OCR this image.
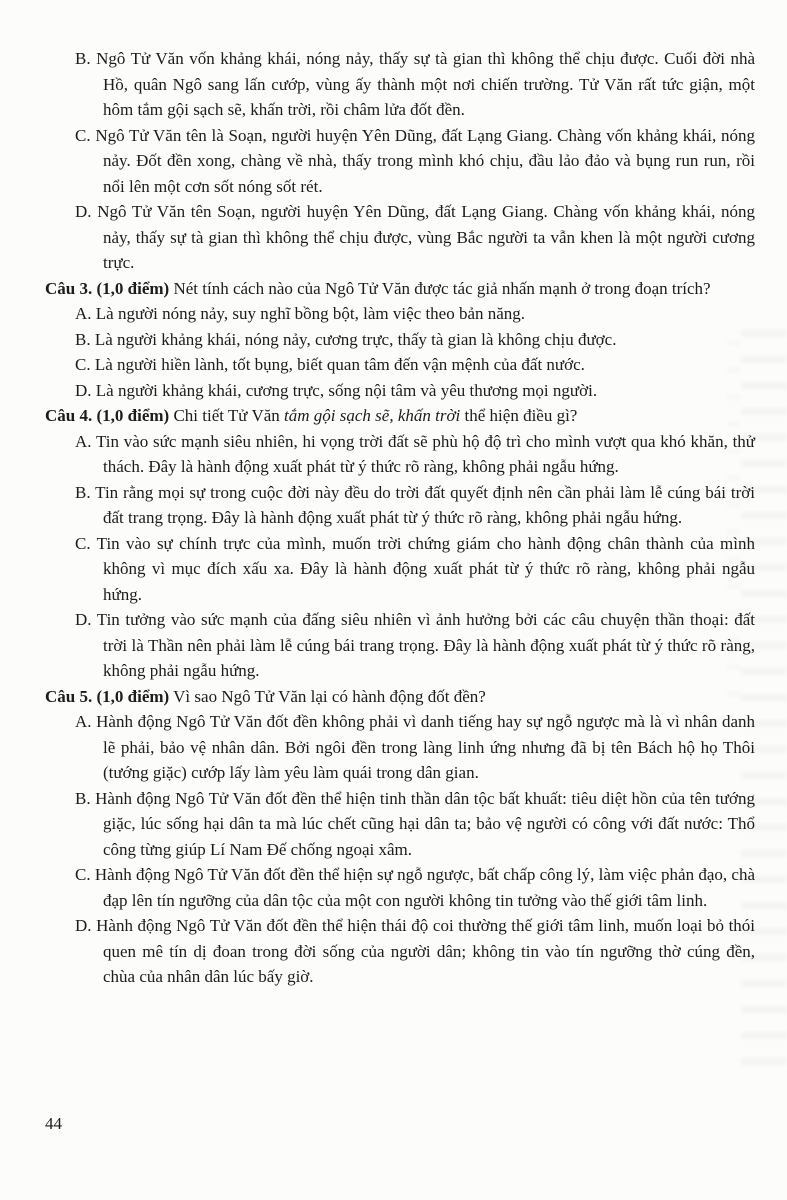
B. Ngô Tử Văn vốn khảng khái, nóng nảy, thấy sự tà gian thì không thể chịu được. Cuối đời nhà Hồ, quân Ngô sang lấn cướp, vùng ấy thành một nơi chiến trường. Tử Văn rất tức giận, một hôm tắm gội sạch sẽ, khấn trời, rồi châm lửa đốt đền.
C. Ngô Tử Văn tên là Soạn, người huyện Yên Dũng, đất Lạng Giang. Chàng vốn khảng khái, nóng nảy. Đốt đền xong, chàng về nhà, thấy trong mình khó chịu, đầu lảo đảo và bụng run run, rồi nổi lên một cơn sốt nóng sốt rét.
D. Ngô Tử Văn tên Soạn, người huyện Yên Dũng, đất Lạng Giang. Chàng vốn khảng khái, nóng nảy, thấy sự tà gian thì không thể chịu được, vùng Bắc người ta vẫn khen là một người cương trực.
Câu 3. (1,0 điểm) Nét tính cách nào của Ngô Tử Văn được tác giả nhấn mạnh ở trong đoạn trích?
A. Là người nóng nảy, suy nghĩ bồng bột, làm việc theo bản năng.
B. Là người khảng khái, nóng nảy, cương trực, thấy tà gian là không chịu được.
C. Là người hiền lành, tốt bụng, biết quan tâm đến vận mệnh của đất nước.
D. Là người khảng khái, cương trực, sống nội tâm và yêu thương mọi người.
Câu 4. (1,0 điểm) Chi tiết Tử Văn tắm gội sạch sẽ, khấn trời thể hiện điều gì?
A. Tin vào sức mạnh siêu nhiên, hi vọng trời đất sẽ phù hộ độ trì cho mình vượt qua khó khăn, thử thách. Đây là hành động xuất phát từ ý thức rõ ràng, không phải ngẫu hứng.
B. Tin rằng mọi sự trong cuộc đời này đều do trời đất quyết định nên cần phải làm lễ cúng bái trời đất trang trọng. Đây là hành động xuất phát từ ý thức rõ ràng, không phải ngẫu hứng.
C. Tin vào sự chính trực của mình, muốn trời chứng giám cho hành động chân thành của mình không vì mục đích xấu xa. Đây là hành động xuất phát từ ý thức rõ ràng, không phải ngẫu hứng.
D. Tin tưởng vào sức mạnh của đấng siêu nhiên vì ảnh hưởng bởi các câu chuyện thần thoại: đất trời là Thần nên phải làm lễ cúng bái trang trọng. Đây là hành động xuất phát từ ý thức rõ ràng, không phải ngẫu hứng.
Câu 5. (1,0 điểm) Vì sao Ngô Tử Văn lại có hành động đốt đền?
A. Hành động Ngô Tử Văn đốt đền không phải vì danh tiếng hay sự ngỗ ngược mà là vì nhân danh lẽ phải, bảo vệ nhân dân. Bởi ngôi đền trong làng linh ứng nhưng đã bị tên Bách hộ họ Thôi (tướng giặc) cướp lấy làm yêu làm quái trong dân gian.
B. Hành động Ngô Tử Văn đốt đền thể hiện tinh thần dân tộc bất khuất: tiêu diệt hồn của tên tướng giặc, lúc sống hại dân ta mà lúc chết cũng hại dân ta; bảo vệ người có công với đất nước: Thổ công từng giúp Lí Nam Đế chống ngoại xâm.
C. Hành động Ngô Tử Văn đốt đền thể hiện sự ngỗ ngược, bất chấp công lý, làm việc phản đạo, chà đạp lên tín ngưỡng của dân tộc của một con người không tin tưởng vào thế giới tâm linh.
D. Hành động Ngô Tử Văn đốt đền thể hiện thái độ coi thường thế giới tâm linh, muốn loại bỏ thói quen mê tín dị đoan trong đời sống của người dân; không tin vào tín ngưỡng thờ cúng đền, chùa của nhân dân lúc bấy giờ.
44
